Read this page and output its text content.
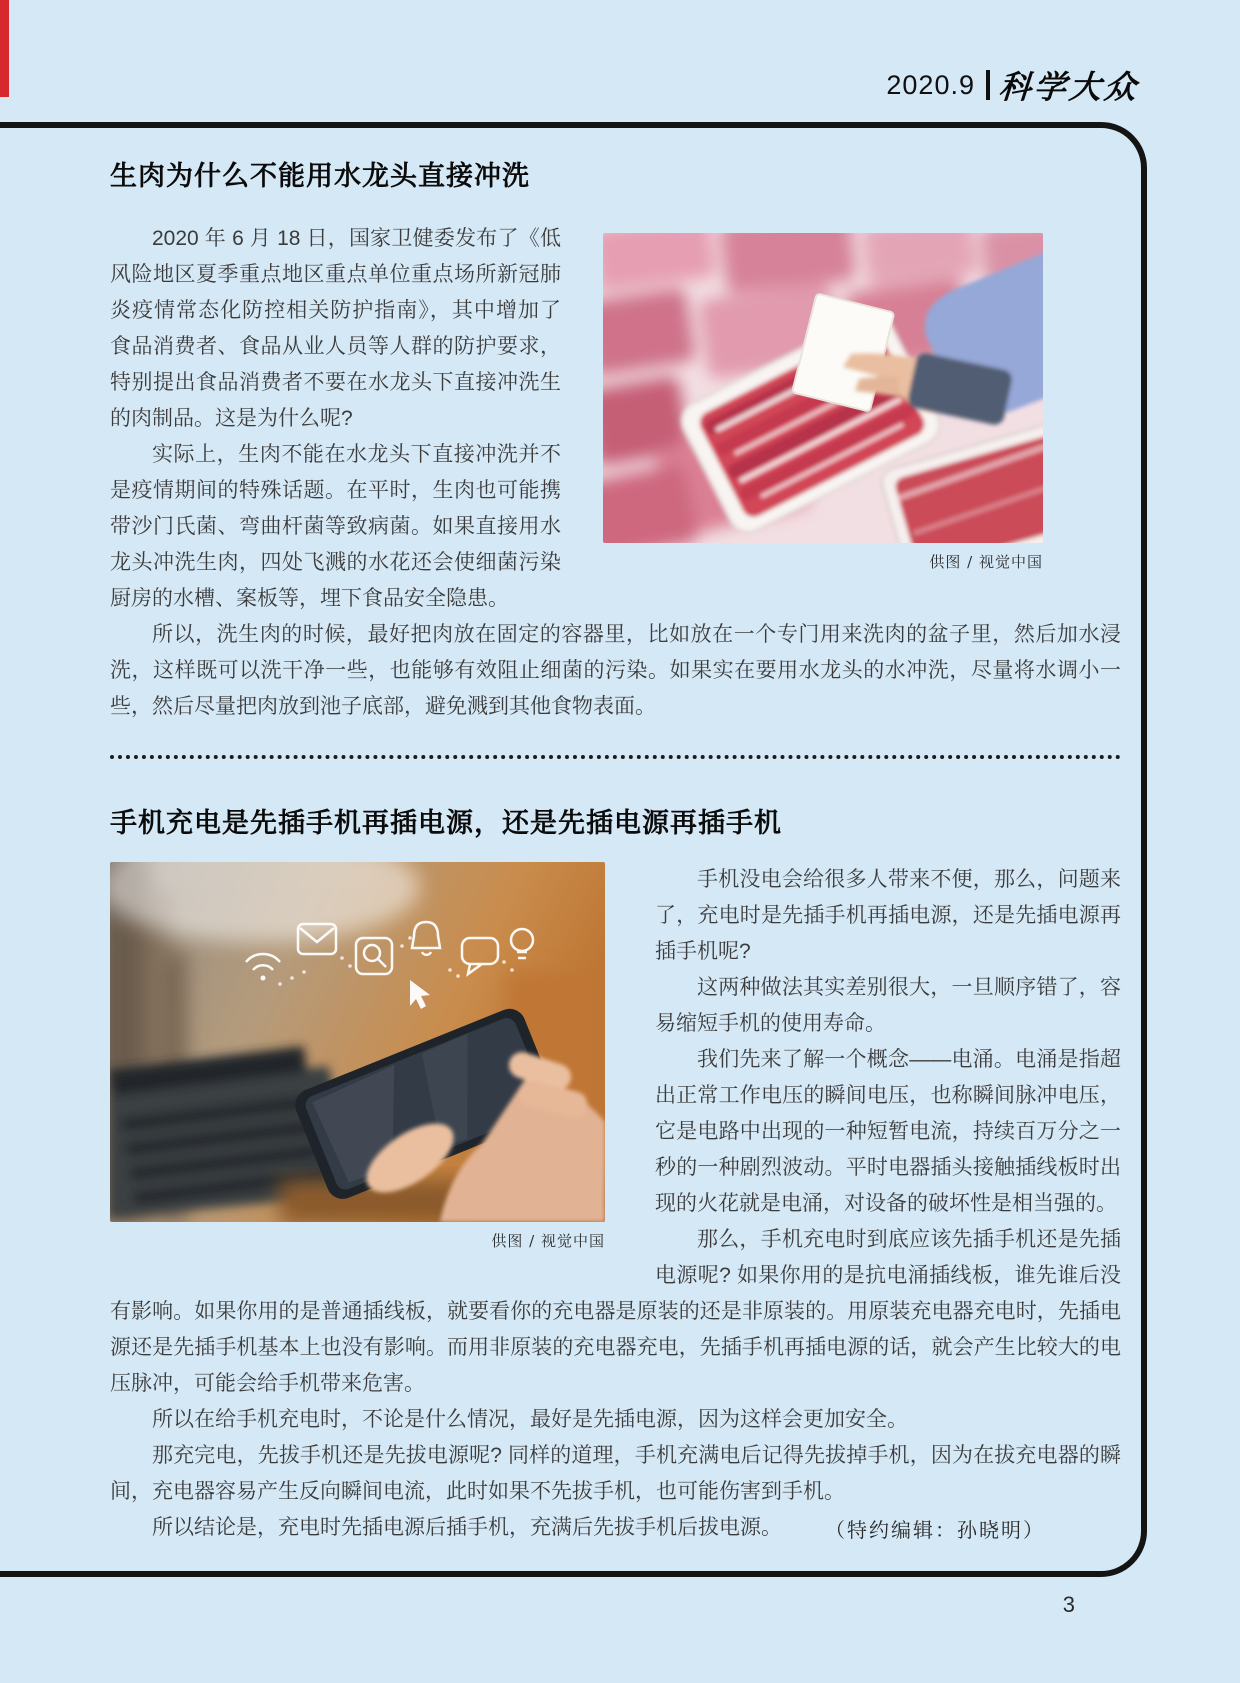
2020.9 科学大众
生肉为什么不能用水龙头直接冲洗
供图 / 视觉中国

2020 年 6 月 18 日，国家卫健委发布了《低风险地区夏季重点地区重点单位重点场所新冠肺炎疫情常态化防控相关防护指南》，其中增加了食品消费者、食品从业人员等人群的防护要求，特别提出食品消费者不要在水龙头下直接冲洗生的肉制品。这是为什么呢?

实际上，生肉不能在水龙头下直接冲洗并不是疫情期间的特殊话题。在平时，生肉也可能携带沙门氏菌、弯曲杆菌等致病菌。如果直接用水龙头冲洗生肉，四处飞溅的水花还会使细菌污染厨房的水槽、案板等，埋下食品安全隐患。

所以，洗生肉的时候，最好把肉放在固定的容器里，比如放在一个专门用来洗肉的盆子里，然后加水浸洗，这样既可以洗干净一些，也能够有效阻止细菌的污染。如果实在要用水龙头的水冲洗，尽量将水调小一些，然后尽量把肉放到池子底部，避免溅到其他食物表面。

手机充电是先插手机再插电源，还是先插电源再插手机
供图 / 视觉中国

手机没电会给很多人带来不便，那么，问题来了，充电时是先插手机再插电源，还是先插电源再插手机呢?

这两种做法其实差别很大，一旦顺序错了，容易缩短手机的使用寿命。

我们先来了解一个概念——电涌。电涌是指超出正常工作电压的瞬间电压，也称瞬间脉冲电压，它是电路中出现的一种短暂电流，持续百万分之一秒的一种剧烈波动。平时电器插头接触插线板时出现的火花就是电涌，对设备的破坏性是相当强的。

那么，手机充电时到底应该先插手机还是先插电源呢? 如果你用的是抗电涌插线板，谁先谁后没有影响。如果你用的是普通插线板，就要看你的充电器是原装的还是非原装的。用原装充电器充电时，先插电源还是先插手机基本上也没有影响。而用非原装的充电器充电，先插手机再插电源的话，就会产生比较大的电压脉冲，可能会给手机带来危害。

所以在给手机充电时，不论是什么情况，最好是先插电源，因为这样会更加安全。

那充完电，先拔手机还是先拔电源呢? 同样的道理，手机充满电后记得先拔掉手机，因为在拔充电器的瞬间，充电器容易产生反向瞬间电流，此时如果不先拔手机，也可能伤害到手机。

所以结论是，充电时先插电源后插手机，充满后先拔手机后拔电源。	（特约编辑：孙晓明）
3
